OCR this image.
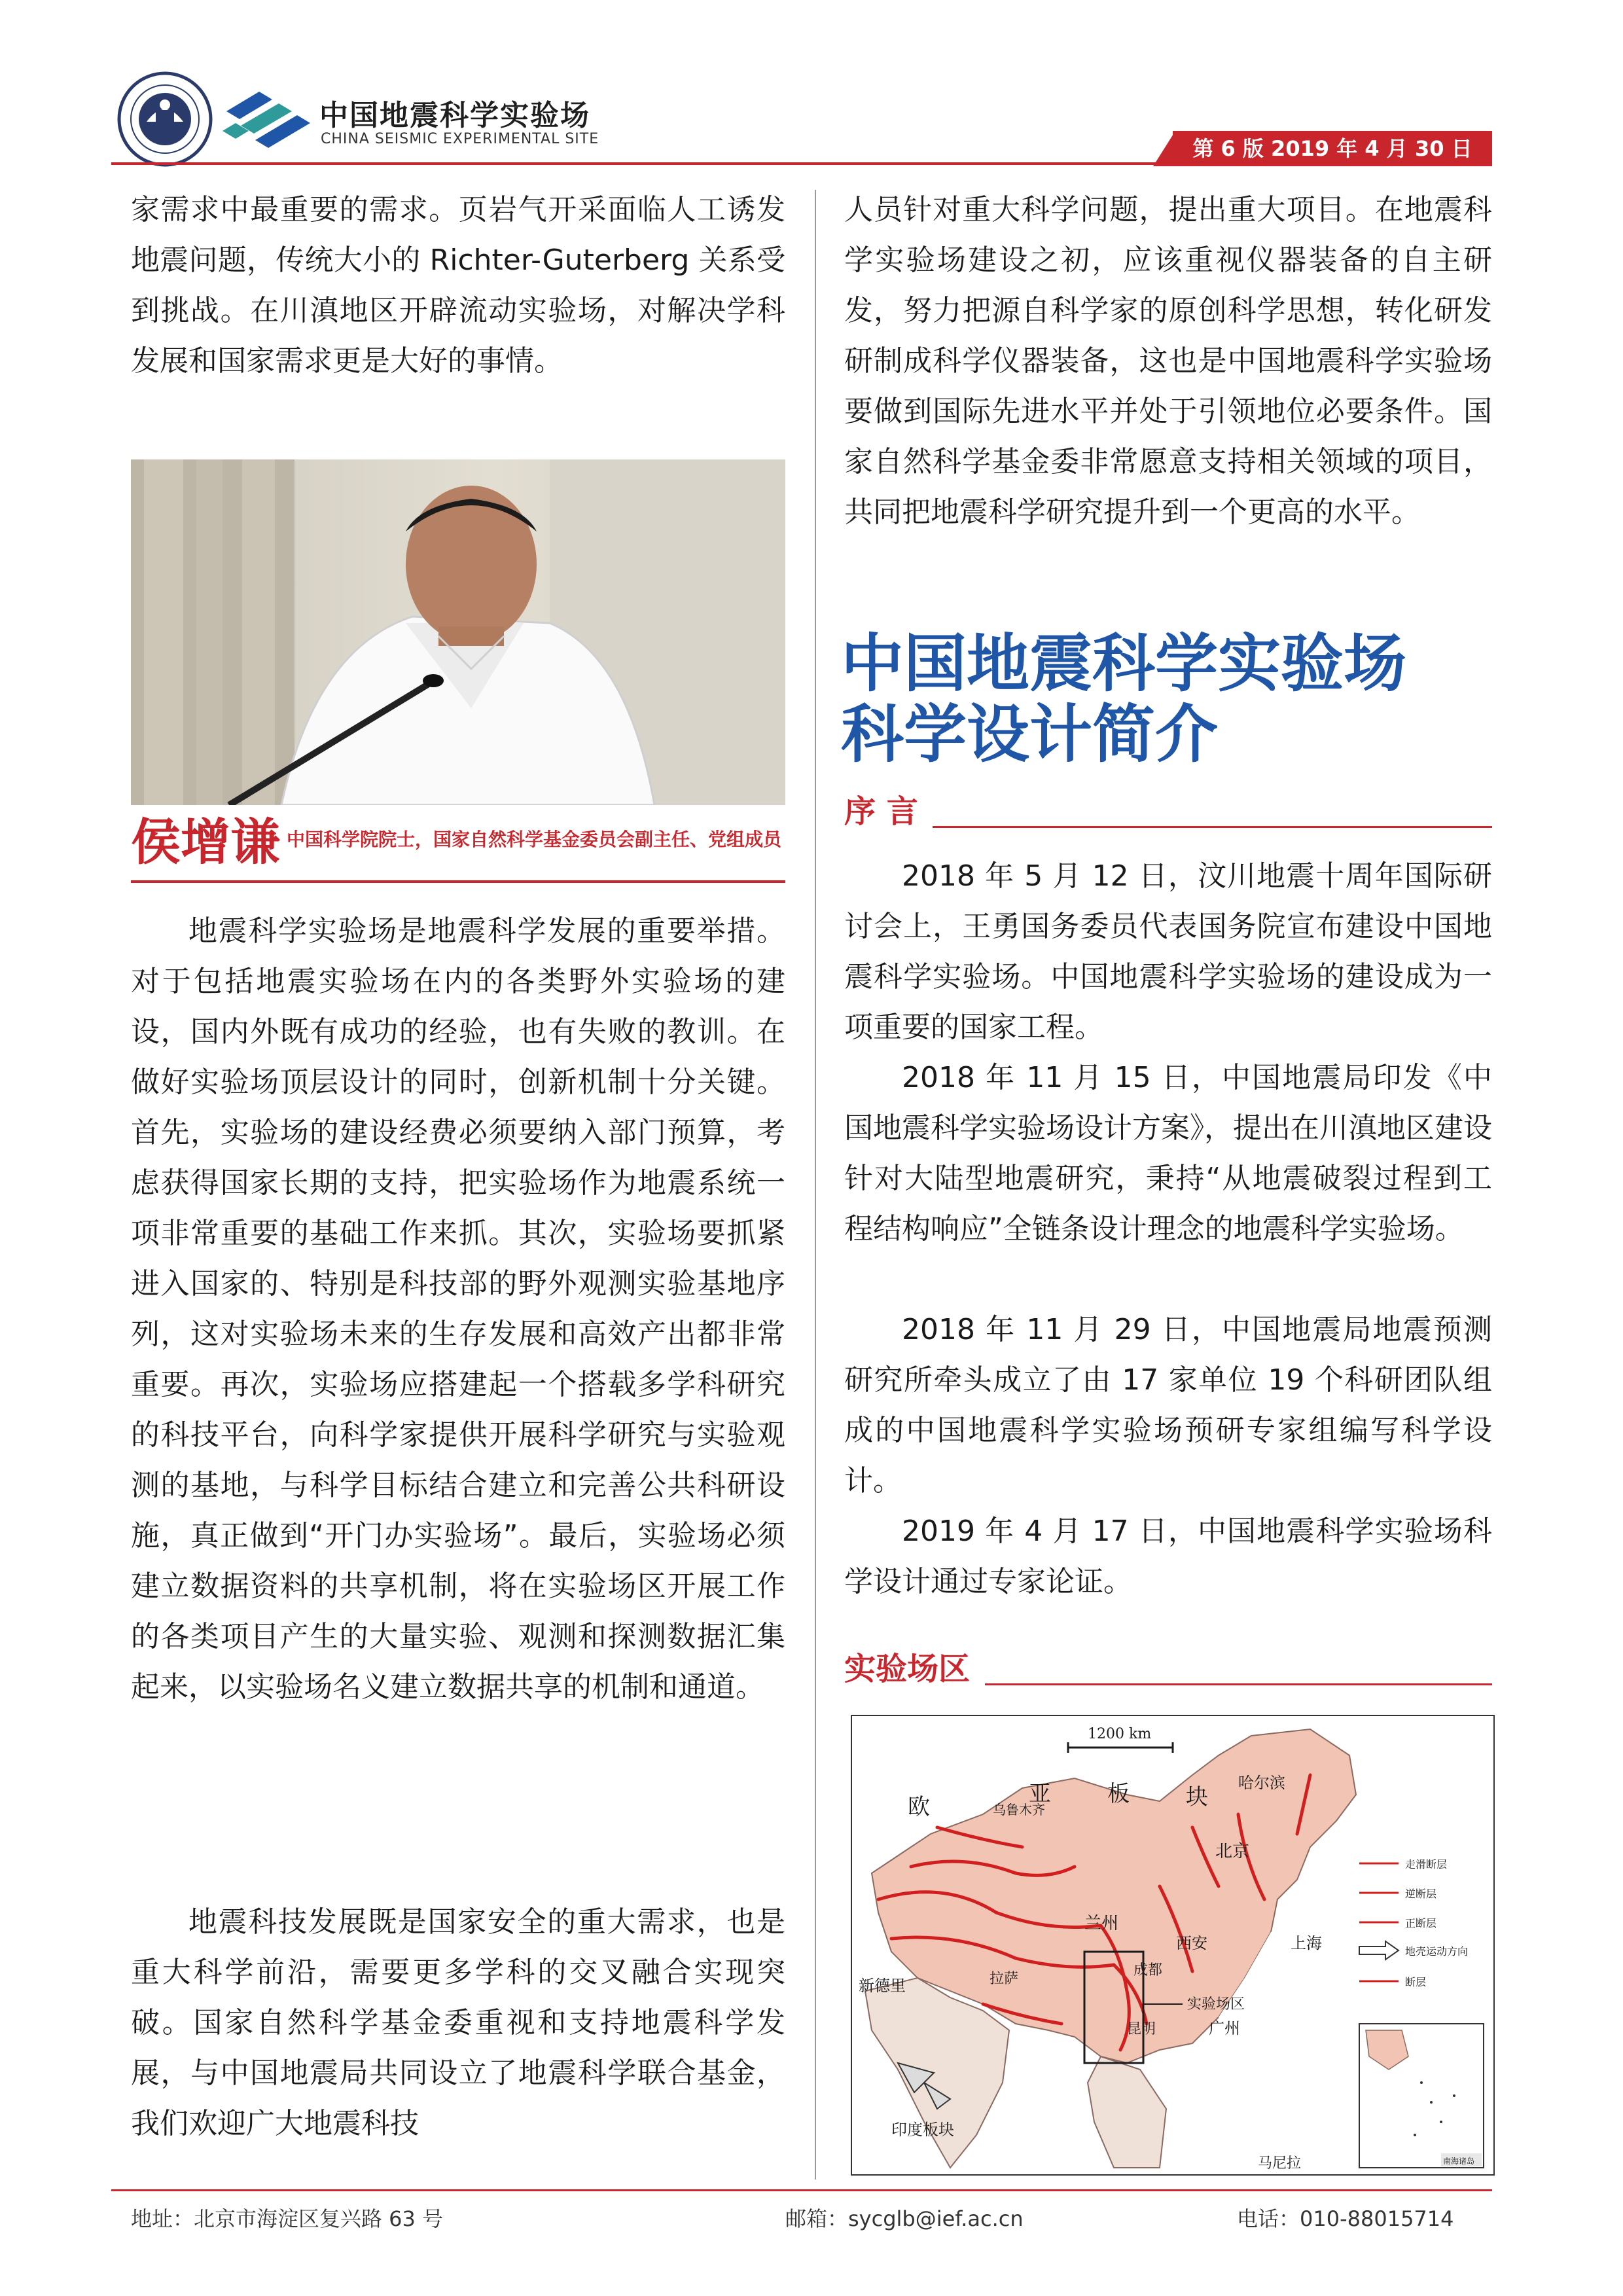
中国地震科学实验场
CHINA SEISMIC EXPERIMENTAL SITE	第 6 版 2019 年 4 月 30 日

家需求中最重要的需求。页岩气开采面临人工诱发地震问题，传统大小的 Richter-Guterberg 关系受到挑战。在川滇地区开辟流动实验场，对解决学科发展和国家需求更是大好的事情。

侯增谦 中国科学院院士，国家自然科学基金委员会副主任、党组成员

地震科学实验场是地震科学发展的重要举措。对于包括地震实验场在内的各类野外实验场的建设，国内外既有成功的经验，也有失败的教训。在做好实验场顶层设计的同时，创新机制十分关键。首先，实验场的建设经费必须要纳入部门预算，考虑获得国家长期的支持，把实验场作为地震系统一项非常重要的基础工作来抓。其次，实验场要抓紧进入国家的、特别是科技部的野外观测实验基地序列，这对实验场未来的生存发展和高效产出都非常重要。再次，实验场应搭建起一个搭载多学科研究的科技平台，向科学家提供开展科学研究与实验观测的基地，与科学目标结合建立和完善公共科研设施，真正做到“开门办实验场”。最后，实验场必须建立数据资料的共享机制，将在实验场区开展工作的各类项目产生的大量实验、观测和探测数据汇集起来，以实验场名义建立数据共享的机制和通道。

地震科技发展既是国家安全的重大需求，也是重大科学前沿，需要更多学科的交叉融合实现突破。国家自然科学基金委重视和支持地震科学发展，与中国地震局共同设立了地震科学联合基金，我们欢迎广大地震科技

人员针对重大科学问题，提出重大项目。在地震科学实验场建设之初，应该重视仪器装备的自主研发，努力把源自科学家的原创科学思想，转化研发研制成科学仪器装备，这也是中国地震科学实验场要做到国际先进水平并处于引领地位必要条件。国家自然科学基金委非常愿意支持相关领域的项目，共同把地震科学研究提升到一个更高的水平。

中国地震科学实验场
科学设计简介
序 言

2018 年 5 月 12 日，汶川地震十周年国际研讨会上，王勇国务委员代表国务院宣布建设中国地震科学实验场。中国地震科学实验场的建设成为一项重要的国家工程。

2018 年 11 月 15 日，中国地震局印发《中国地震科学实验场设计方案》，提出在川滇地区建设针对大陆型地震研究，秉持“从地震破裂过程到工程结构响应”全链条设计理念的地震科学实验场。

2018 年 11 月 29 日，中国地震局地震预测研究所牵头成立了由 17 家单位 19 个科研团队组成的中国地震科学实验场预研专家组编写科学设计。

2019 年 4 月 17 日，中国地震科学实验场科学设计通过专家论证。

实验场区
1200 km
欧	亚	板	块
印度板块
哈尔滨
乌鲁木齐
北京
兰州
西安	上海
成都
拉萨
昆明	广州
新德里
马尼拉
实验场区
走滑断层
逆断层
正断层
地壳运动方向
断层
南海诸岛
地址：北京市海淀区复兴路 63 号	邮箱：sycglb@ief.ac.cn	电话：010-88015714
